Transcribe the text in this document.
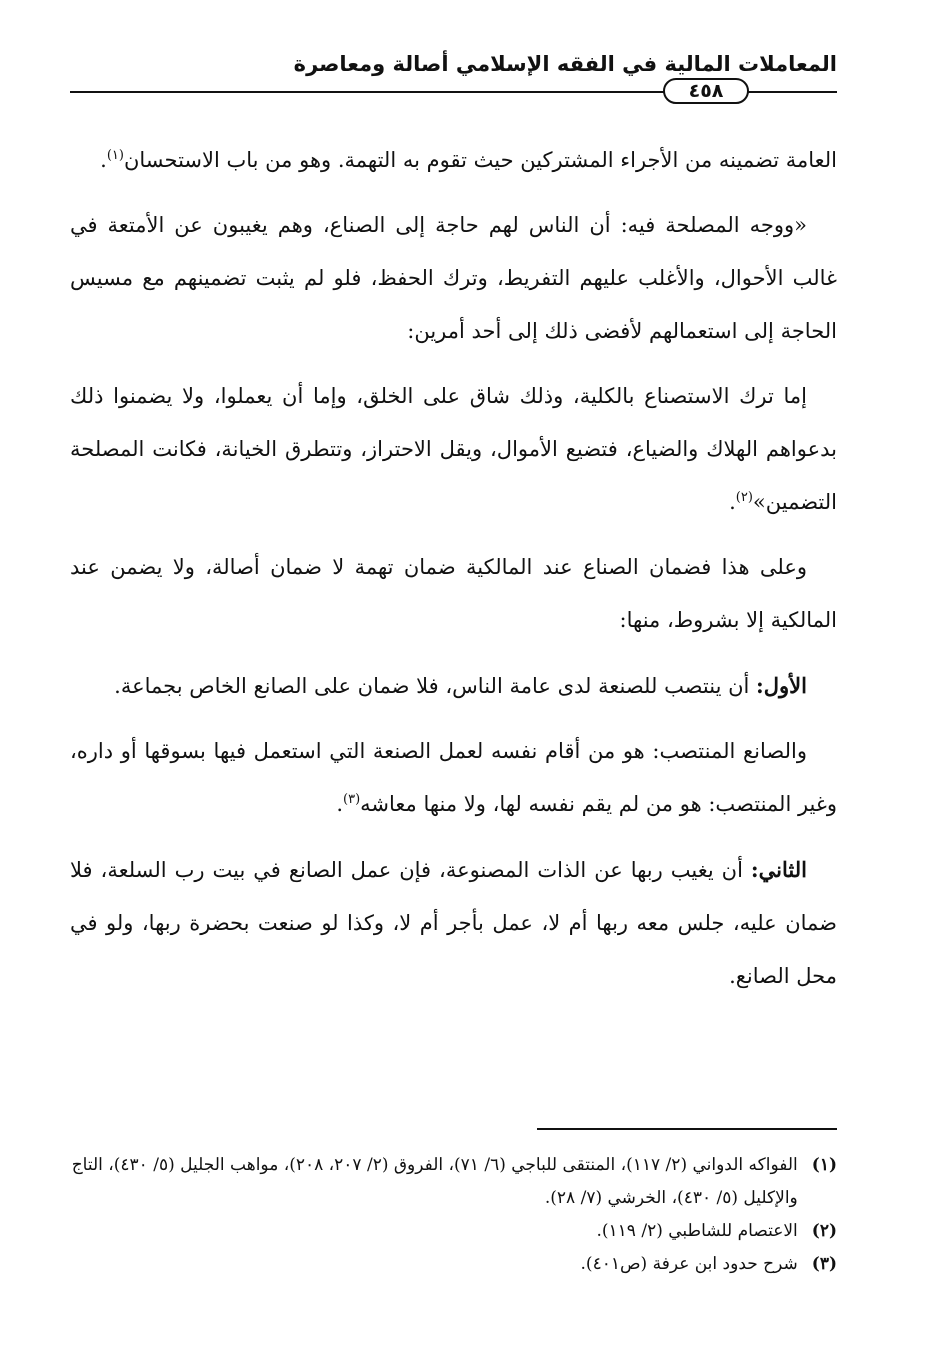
المعاملات المالية في الفقه الإسلامي أصالة ومعاصرة
٤٥٨

العامة تضمينه من الأجراء المشتركين حيث تقوم به التهمة. وهو من باب الاستحسان$^{(١)}$.

«ووجه المصلحة فيه: أن الناس لهم حاجة إلى الصناع، وهم يغيبون عن الأمتعة في غالب الأحوال، والأغلب عليهم التفريط، وترك الحفظ، فلو لم يثبت تضمينهم مع مسيس الحاجة إلى استعمالهم لأفضى ذلك إلى أحد أمرين:

إما ترك الاستصناع بالكلية، وذلك شاق على الخلق، وإما أن يعملوا، ولا يضمنوا ذلك بدعواهم الهلاك والضياع، فتضيع الأموال، ويقل الاحتراز، وتتطرق الخيانة، فكانت المصلحة التضمين»$^{(٢)}$.

وعلى هذا فضمان الصناع عند المالكية ضمان تهمة لا ضمان أصالة، ولا يضمن عند المالكية إلا بشروط، منها:

الأول: أن ينتصب للصنعة لدى عامة الناس، فلا ضمان على الصانع الخاص بجماعة.

والصانع المنتصب: هو من أقام نفسه لعمل الصنعة التي استعمل فيها بسوقها أو داره، وغير المنتصب: هو من لم يقم نفسه لها، ولا منها معاشه$^{(٣)}$.

الثاني: أن يغيب ربها عن الذات المصنوعة، فإن عمل الصانع في بيت رب السلعة، فلا ضمان عليه، جلس معه ربها أم لا، عمل بأجر أم لا، وكذا لو صنعت بحضرة ربها، ولو في محل الصانع.

(١)
الفواكه الدواني (٢/ ١١٧)، المنتقى للباجي (٦/ ٧١)، الفروق (٢/ ٢٠٧، ٢٠٨)، مواهب الجليل (٥/ ٤٣٠)، التاج والإكليل (٥/ ٤٣٠)، الخرشي (٧/ ٢٨).
(٢)
الاعتصام للشاطبي (٢/ ١١٩).
(٣)
شرح حدود ابن عرفة (ص٤٠١).
